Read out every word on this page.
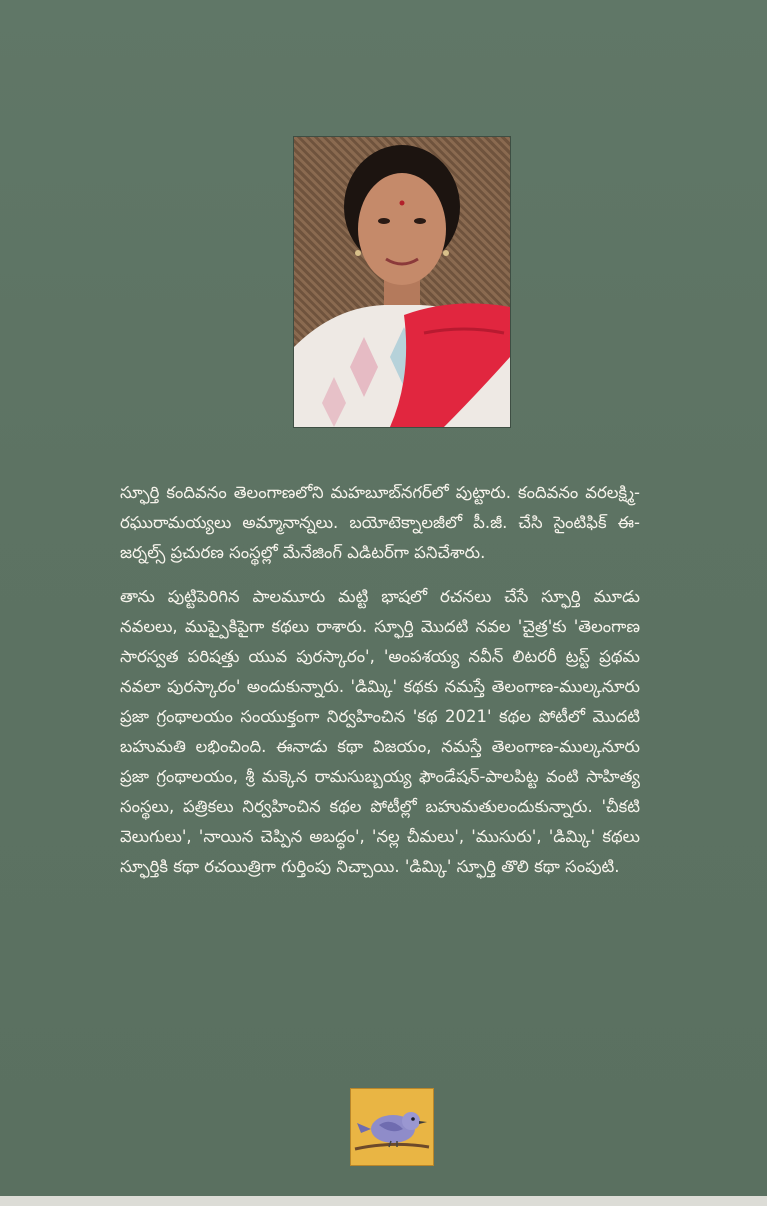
స్ఫూర్తి కందివనం తెలంగాణలోని మహబూబ్‌నగర్‌లో పుట్టారు. కందివనం వరలక్ష్మి-రఘురామయ్యలు అమ్మానాన్నలు. బయోటెక్నాలజీలో పీ.జీ. చేసి సైంటిఫిక్ ఈ-జర్నల్స్ ప్రచురణ సంస్థల్లో మేనేజింగ్ ఎడిటర్‌గా పనిచేశారు.

తాను పుట్టిపెరిగిన పాలమూరు మట్టి భాషలో రచనలు చేసే స్ఫూర్తి మూడు నవలలు, ముప్పైకిపైగా కథలు రాశారు. స్ఫూర్తి మొదటి నవల 'చైత్ర'కు 'తెలంగాణ సారస్వత పరిషత్తు యువ పురస్కారం', 'అంపశయ్య నవీన్ లిటరరీ ట్రస్ట్ ప్రథమ నవలా పురస్కారం' అందుకున్నారు. 'డిమ్కి' కథకు నమస్తే తెలంగాణ-ముల్కనూరు ప్రజా గ్రంథాలయం సంయుక్తంగా నిర్వహించిన 'కథ 2021' కథల పోటీలో మొదటి బహుమతి లభించింది. ఈనాడు కథా విజయం, నమస్తే తెలంగాణ-ముల్కనూరు ప్రజా గ్రంథాలయం, శ్రీ మక్కెన రామసుబ్బయ్య ఫౌండేషన్-పాలపిట్ట వంటి సాహిత్య సంస్థలు, పత్రికలు నిర్వహించిన కథల పోటీల్లో బహుమతులందుకున్నారు. 'చీకటి వెలుగులు', 'నాయిన చెప్పిన అబద్ధం', 'నల్ల చీమలు', 'ముసురు', 'డిమ్కి' కథలు స్ఫూర్తికి కథా రచయిత్రిగా గుర్తింపు నిచ్చాయి. 'డిమ్కి' స్ఫూర్తి తొలి కథా సంపుటి.
